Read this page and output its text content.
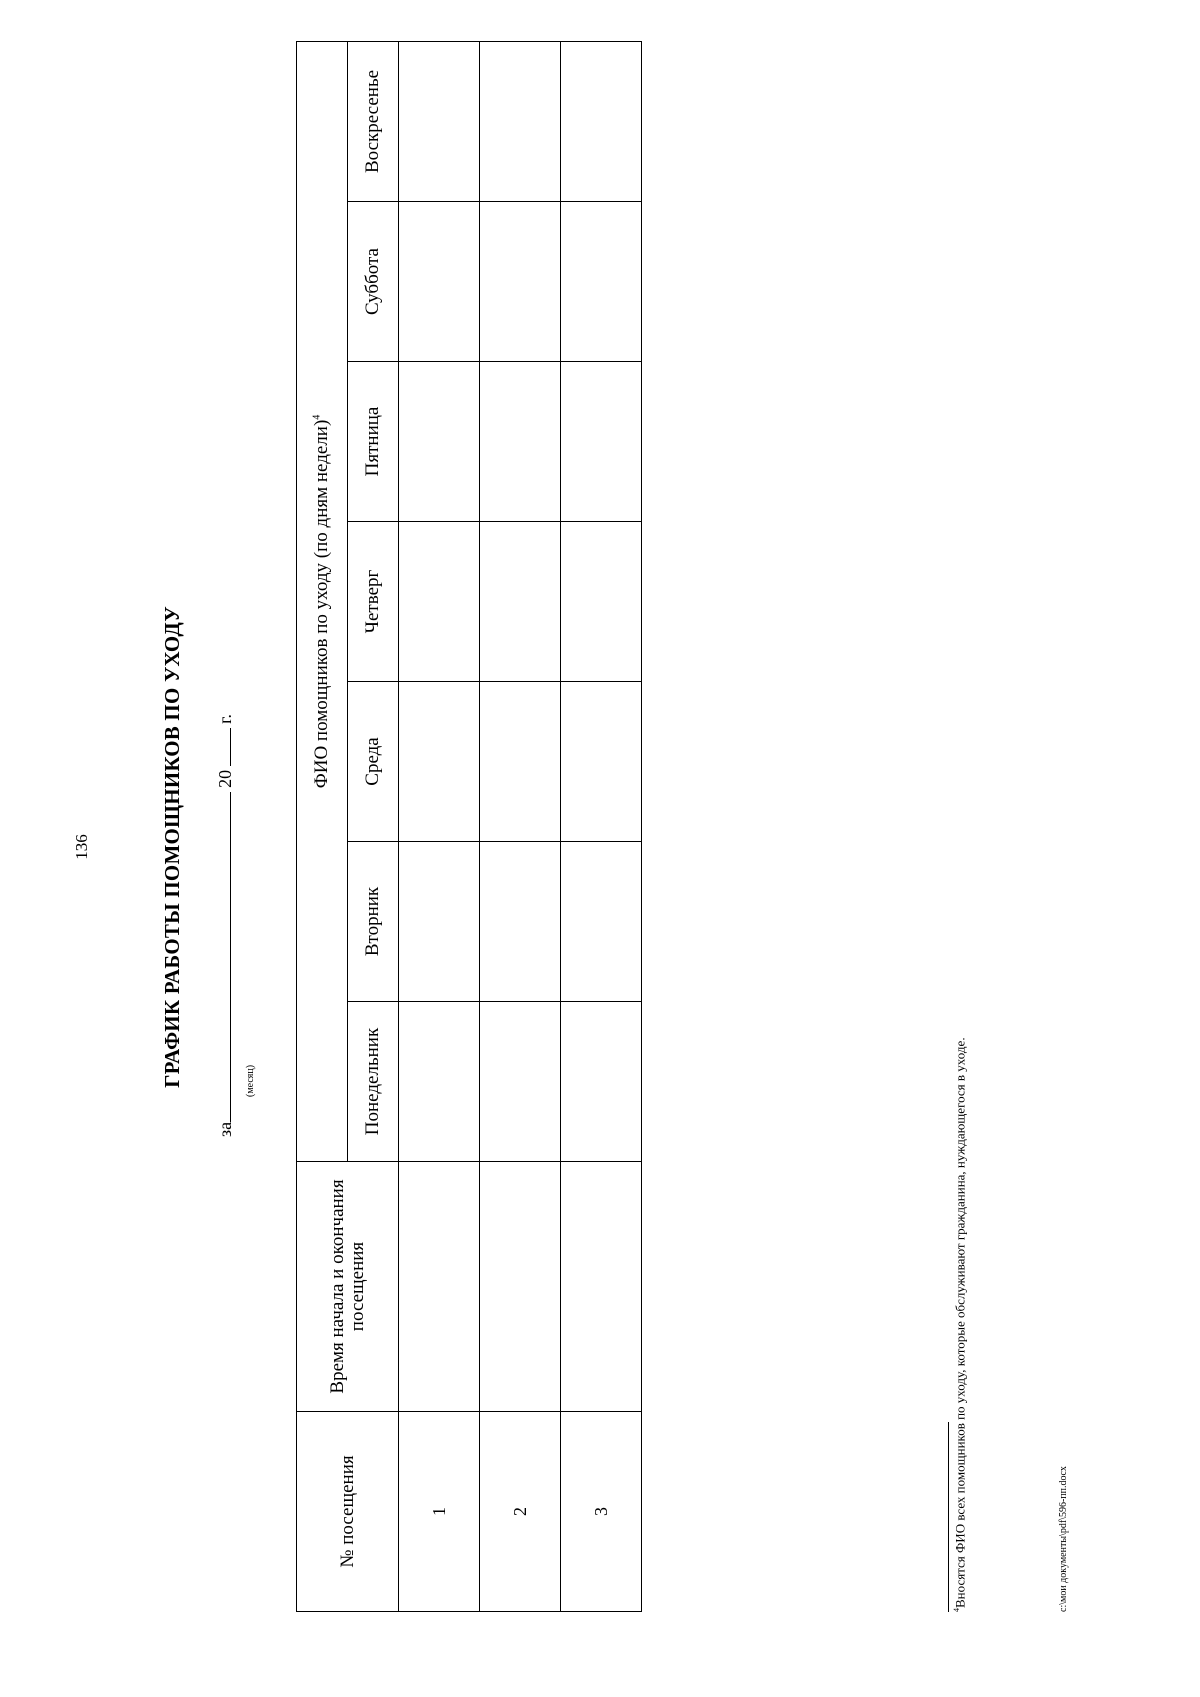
136	ГРАФИК РАБОТЫ ПОМОЩНИКОВ ПО УХОДУ
за20г.
(месяц)
№ посещения	Время начала и окончания посещения	ФИО помощников по уходу (по дням недели)$^4$
		Понедельник	Вторник	Среда	Четверг	Пятница	Суббота	Воскресенье
1								
2								
3								
$^4$Вносятся ФИО всех помощников по уходу, которые обслуживают гражданина, нуждающегося в уходе.	c:\мои документы\pdf\596-пп.docx
